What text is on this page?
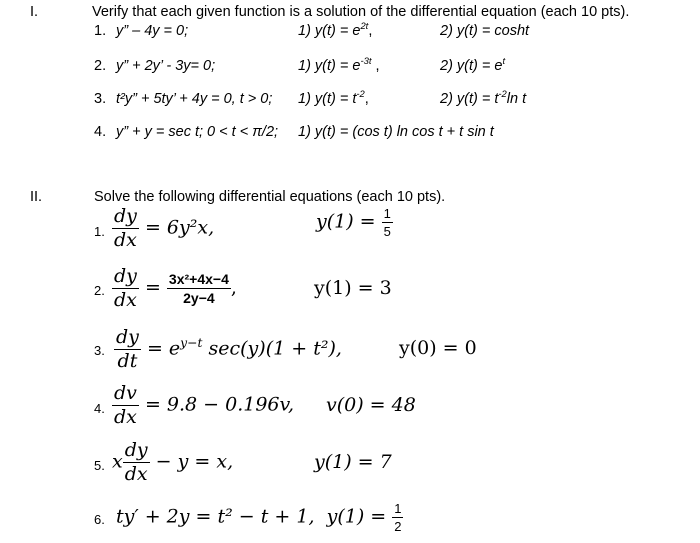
I.	Verify that each given function is a solution of the differential equation (each 10 pts).
1. y” – 4y = 0;	1) $y(t) = e^{2t}$,	2) y(t) = cosht
2. y” + 2y’ - 3y= 0;	1) $y(t) = e^{-3t}$ ,	2) $y(t) = e^t$
3. t²y” + 5ty’ + 4y = 0, t > 0; 1) $y(t) = t^{-2}$,	2) $y(t) = t^{-2}\ln$ t
4. y” + y = sec t; 0 < t < π/2; 1) y(t) = (cos t) ln cos t + t sin t
II.	Solve the following differential equations (each 10 pts).
1. $\frac{dy}{dx} = 6y^2x$,	$y(1) = \frac{1}{5}$
2. $\frac{dy}{dx} = \frac{\text{3x²+4x−4}}{2y-4}$ ,	y(1) = 3
3. $\frac{dy}{dt} = e^{y-t}$ sec(y)(1 + t²),	y(0) = 0
4. $\frac{dv}{dx} = 9.8 - 0.196v$, v(0) = 48
5. x $\frac{dy}{dx} - y = x$,	y(1) = 7
6. ty′ + 2y = t² − t + 1,  $y(1) = \frac{1}{2}$
